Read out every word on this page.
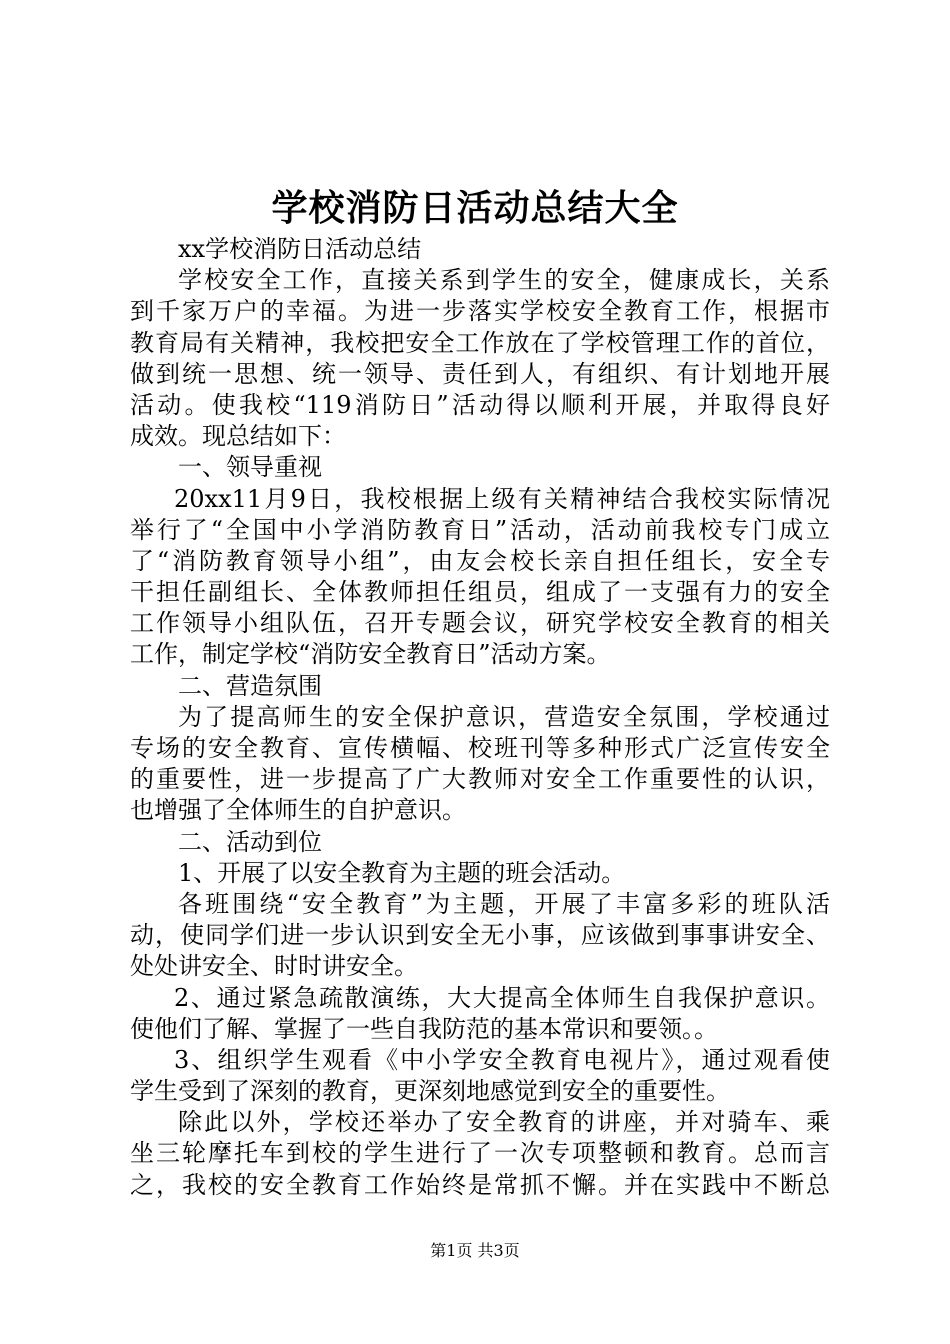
学校消防日活动总结大全
xx学校消防日活动总结
学校安全工作，直接关系到学生的安全，健康成长，关系
到千家万户的幸福。为进一步落实学校安全教育工作，根据市
教育局有关精神，我校把安全工作放在了学校管理工作的首位，
做到统一思想、统一领导、责任到人，有组织、有计划地开展
活动。使我校“119消防日”活动得以顺利开展，并取得良好
成效。现总结如下：
一、领导重视
20xx11月9日，我校根据上级有关精神结合我校实际情况
举行了“全国中小学消防教育日”活动，活动前我校专门成立
了“消防教育领导小组”，由友会校长亲自担任组长，安全专
干担任副组长、全体教师担任组员，组成了一支强有力的安全
工作领导小组队伍，召开专题会议，研究学校安全教育的相关
工作，制定学校“消防安全教育日”活动方案。
二、营造氛围
为了提高师生的安全保护意识，营造安全氛围，学校通过
专场的安全教育、宣传横幅、校班刊等多种形式广泛宣传安全
的重要性，进一步提高了广大教师对安全工作重要性的认识，
也增强了全体师生的自护意识。
二、活动到位
1、开展了以安全教育为主题的班会活动。
各班围绕“安全教育”为主题，开展了丰富多彩的班队活
动，使同学们进一步认识到安全无小事，应该做到事事讲安全、
处处讲安全、时时讲安全。
2、通过紧急疏散演练，大大提高全体师生自我保护意识。
使他们了解、掌握了一些自我防范的基本常识和要领。。
3、组织学生观看《中小学安全教育电视片》，通过观看使
学生受到了深刻的教育，更深刻地感觉到安全的重要性。
除此以外，学校还举办了安全教育的讲座，并对骑车、乘
坐三轮摩托车到校的学生进行了一次专项整顿和教育。总而言
之，我校的安全教育工作始终是常抓不懈。并在实践中不断总
第1页 共3页
